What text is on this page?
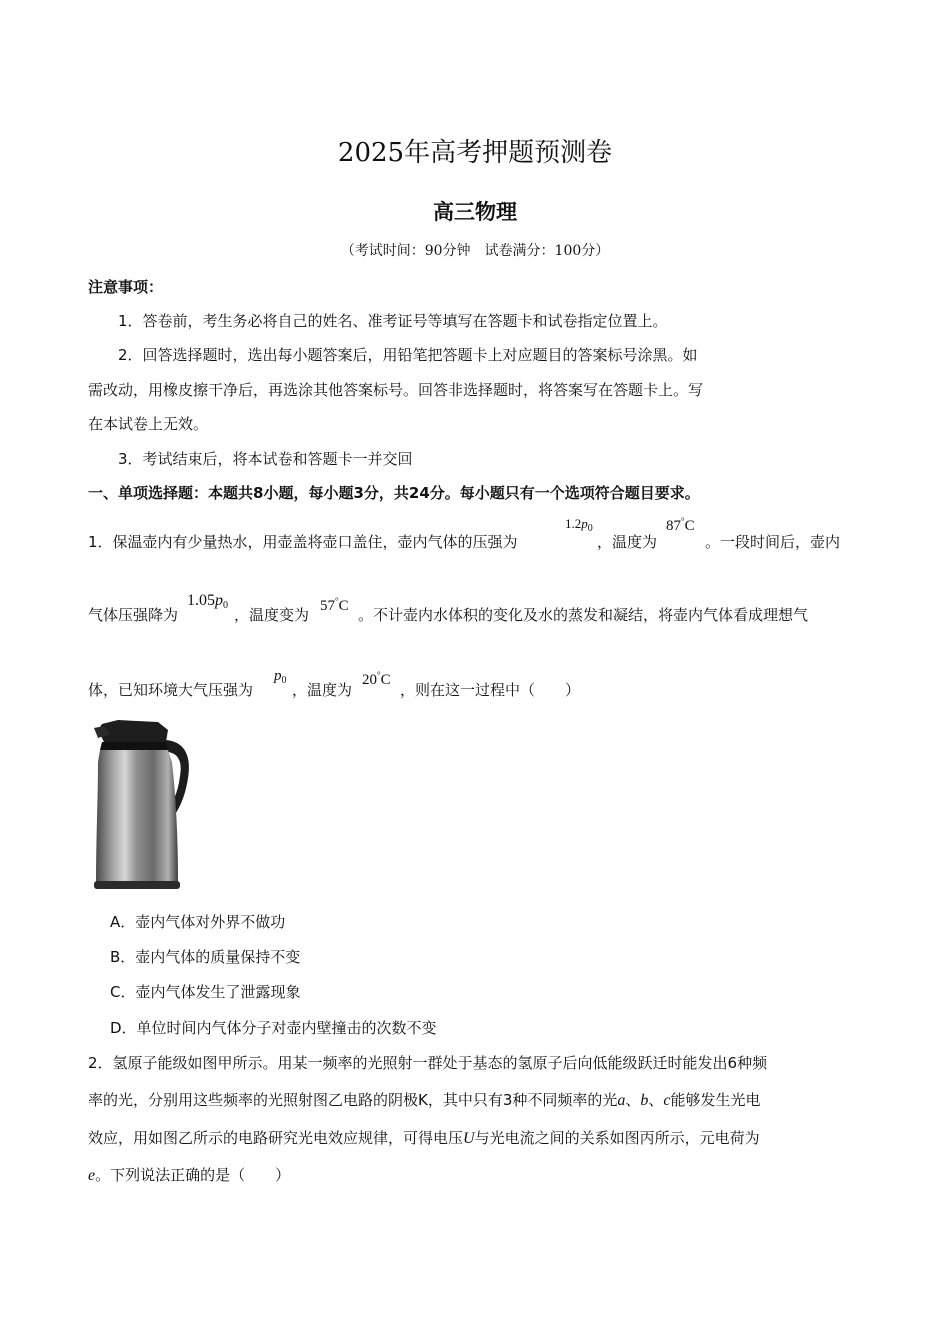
2025年高考押题预测卷
高三物理
（考试时间：90分钟　试卷满分：100分）
注意事项：
1．答卷前，考生务必将自己的姓名、准考证号等填写在答题卡和试卷指定位置上。
2．回答选择题时，选出每小题答案后，用铅笔把答题卡上对应题目的答案标号涂黑。如
需改动，用橡皮擦干净后，再选涂其他答案标号。回答非选择题时，将答案写在答题卡上。写
在本试卷上无效。
3．考试结束后，将本试卷和答题卡一并交回
一、单项选择题：本题共8小题，每小题3分，共24分。每小题只有一个选项符合题目要求。
1．保温壶内有少量热水，用壶盖将壶口盖住，壶内气体的压强为
$1.2p_0$
，温度为
87°C
。一段时间后，壶内
气体压强降为
$1.05p_0$
，温度变为 57°C 。不计壶内水体积的变化及水的蒸发和凝结，将壶内气体看成理想气
体，已知环境大气压强为
$p_0$
，温度为
20°C
，则在这一过程中（　　）
A．壶内气体对外界不做功
B．壶内气体的质量保持不变
C．壶内气体发生了泄露现象
D．单位时间内气体分子对壶内壁撞击的次数不变
2．氢原子能级如图甲所示。用某一频率的光照射一群处于基态的氢原子后向低能级跃迁时能发出6种频
率的光，分别用这些频率的光照射图乙电路的阴极K，其中只有3种不同频率的光a、b、c能够发生光电
效应，用如图乙所示的电路研究光电效应规律，可得电压U与光电流之间的关系如图丙所示，元电荷为
e。下列说法正确的是（　　）
